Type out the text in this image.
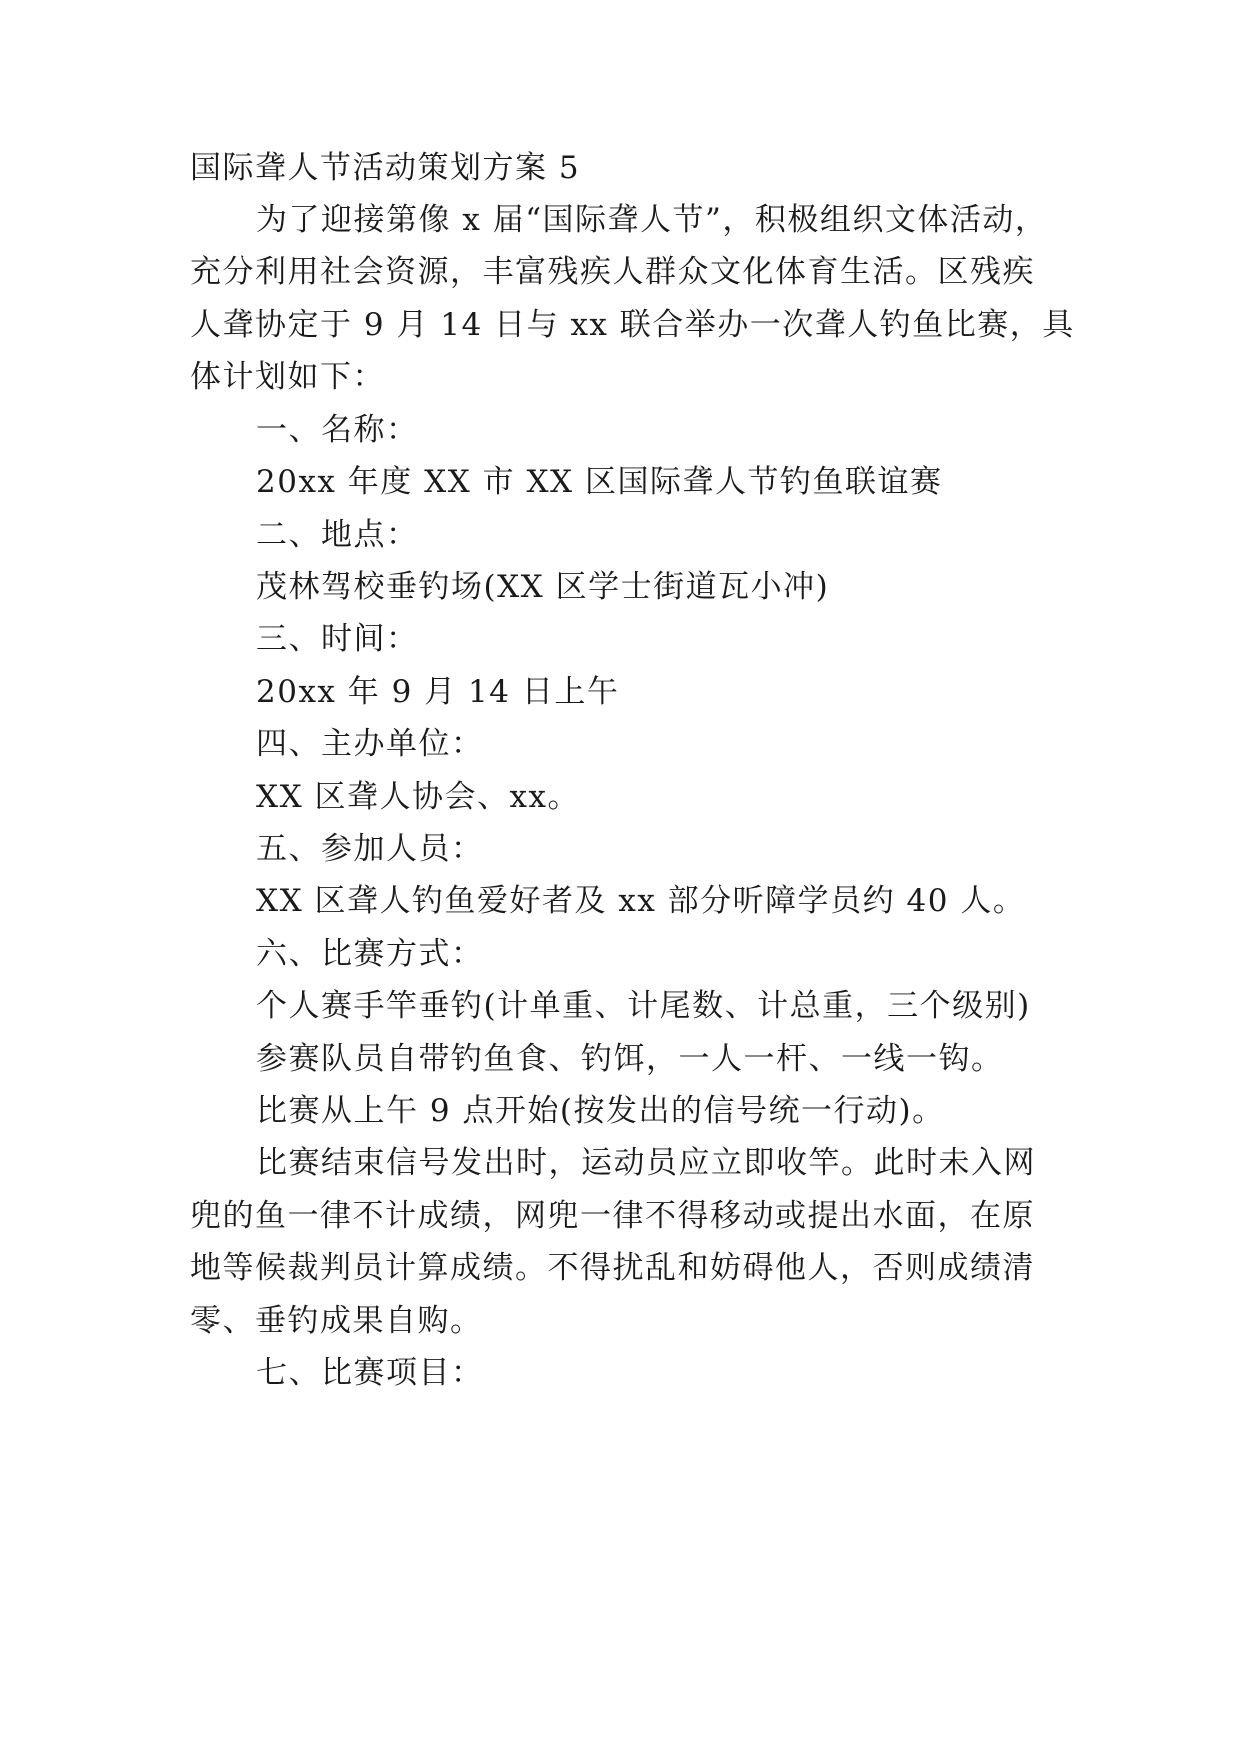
国际聋人节活动策划方案 5
为了迎接第像 x 届“国际聋人节”，积极组织文体活动，
充分利用社会资源，丰富残疾人群众文化体育生活。区残疾
人聋协定于 9 月 14 日与 xx 联合举办一次聋人钓鱼比赛，具
体计划如下：
一、名称：
20xx 年度 XX 市 XX 区国际聋人节钓鱼联谊赛
二、地点：
茂林驾校垂钓场(XX 区学士街道瓦小冲)
三、时间：
20xx 年 9 月 14 日上午
四、主办单位：
XX 区聋人协会、xx。
五、参加人员：
XX 区聋人钓鱼爱好者及 xx 部分听障学员约 40 人。
六、比赛方式：
个人赛手竿垂钓(计单重、计尾数、计总重，三个级别)
参赛队员自带钓鱼食、钓饵，一人一杆、一线一钩。
比赛从上午 9 点开始(按发出的信号统一行动)。
比赛结束信号发出时，运动员应立即收竿。此时未入网
兜的鱼一律不计成绩，网兜一律不得移动或提出水面，在原
地等候裁判员计算成绩。不得扰乱和妨碍他人，否则成绩清
零、垂钓成果自购。
七、比赛项目：
